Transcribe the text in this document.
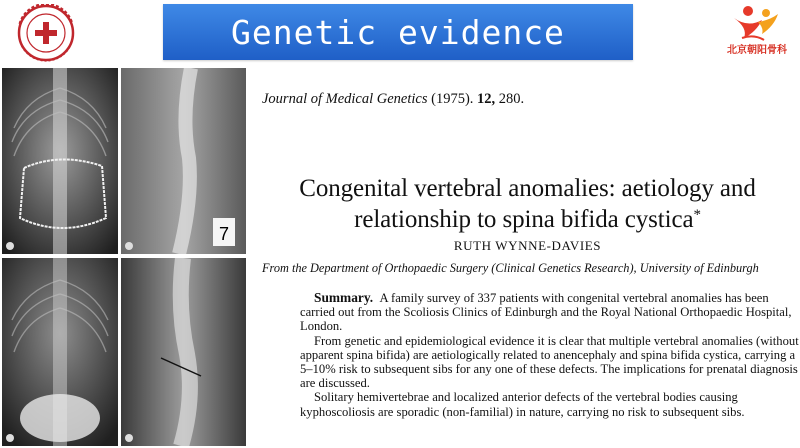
Genetic evidence	北京朝阳骨科
7
Journal of Medical Genetics (1975). 12, 280.
Congenital vertebral anomalies: aetiology and
relationship to spina bifida cystica*
RUTH WYNNE-DAVIES
From the Department of Orthopaedic Surgery (Clinical Genetics Research), University of Edinburgh

Summary. A family survey of 337 patients with congenital vertebral anomalies has been carried out from the Scoliosis Clinics of Edinburgh and the Royal National Orthopaedic Hospital, London.

From genetic and epidemiological evidence it is clear that multiple vertebral anomalies (without apparent spina bifida) are aetiologically related to anencephaly and spina bifida cystica, carrying a 5–10% risk to subsequent sibs for any one of these defects. The implications for prenatal diagnosis are discussed.

Solitary hemivertebrae and localized anterior defects of the vertebral bodies causing kyphoscoliosis are sporadic (non-familial) in nature, carrying no risk to subsequent sibs.
